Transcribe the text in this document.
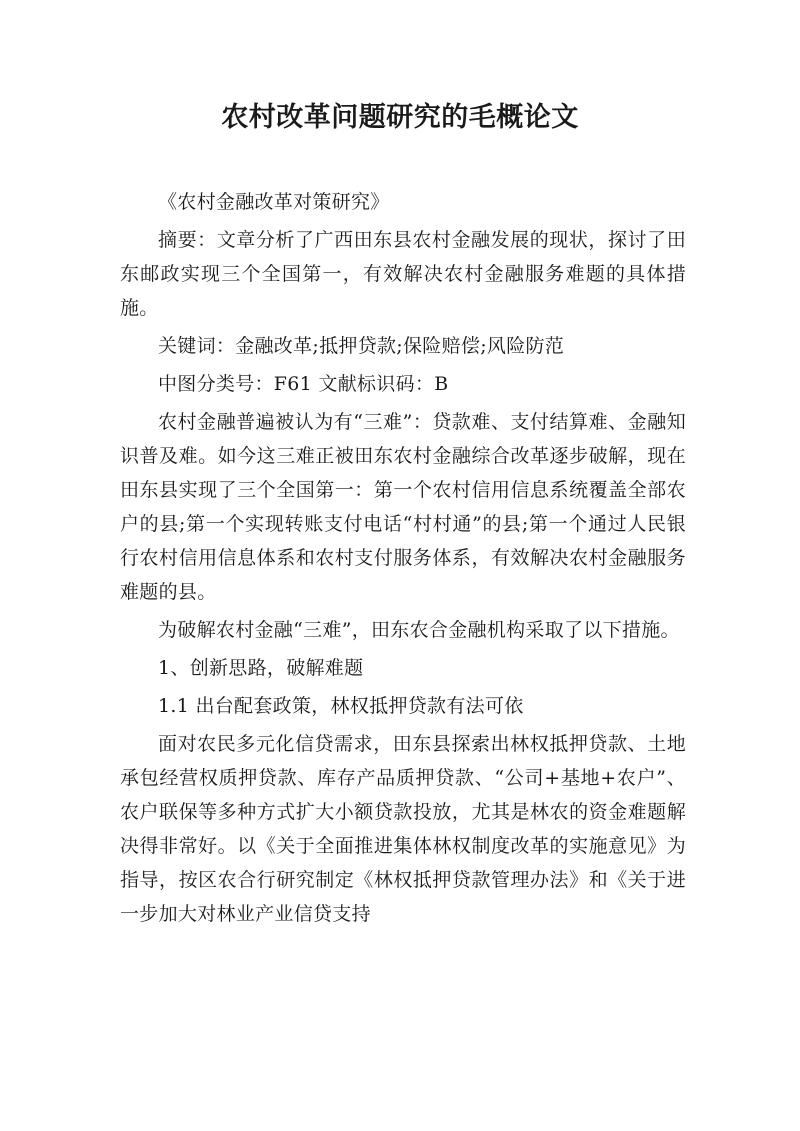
农村改革问题研究的毛概论文

《农村金融改革对策研究》

摘要：文章分析了广西田东县农村金融发展的现状，探讨了田东邮政实现三个全国第一，有效解决农村金融服务难题的具体措施。

关键词：金融改革;抵押贷款;保险赔偿;风险防范

中图分类号：F61 文献标识码：B

农村金融普遍被认为有“三难”：贷款难、支付结算难、金融知识普及难。如今这三难正被田东农村金融综合改革逐步破解，现在田东县实现了三个全国第一：第一个农村信用信息系统覆盖全部农户的县;第一个实现转账支付电话“村村通”的县;第一个通过人民银行农村信用信息体系和农村支付服务体系，有效解决农村金融服务难题的县。

为破解农村金融“三难”，田东农合金融机构采取了以下措施。

1、创新思路，破解难题

1.1 出台配套政策，林权抵押贷款有法可依

面对农民多元化信贷需求，田东县探索出林权抵押贷款、土地承包经营权质押贷款、库存产品质押贷款、“公司+基地+农户”、农户联保等多种方式扩大小额贷款投放，尤其是林农的资金难题解决得非常好。以《关于全面推进集体林权制度改革的实施意见》为指导，按区农合行研究制定《林权抵押贷款管理办法》和《关于进一步加大对林业产业信贷支持
